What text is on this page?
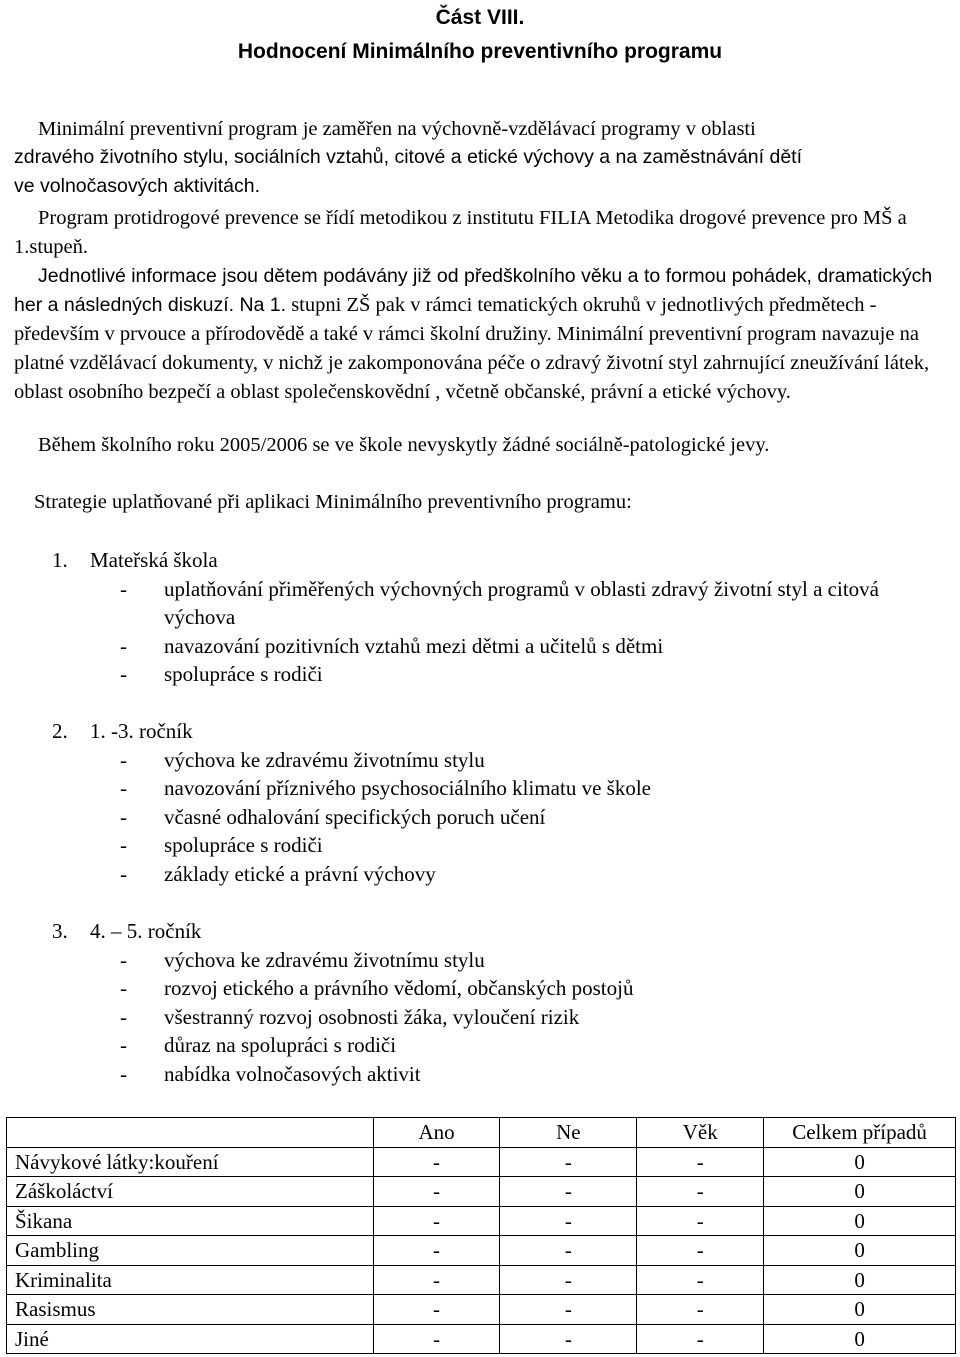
Část VIII.
Hodnocení Minimálního preventivního programu
Minimální preventivní program je zaměřen na výchovně-vzdělávací programy v oblasti
zdravého životního stylu, sociálních vztahů, citové a etické výchovy a na zaměstnávání dětí
ve volnočasových aktivitách.
Program protidrogové prevence se řídí metodikou z institutu FILIA Metodika drogové prevence pro MŠ a 1.stupeň.
Jednotlivé informace jsou dětem podávány již od předškolního věku a to formou pohádek, dramatických her a následných diskuzí. Na 1. stupni ZŠ pak v rámci tematických okruhů v jednotlivých předmětech - především v prvouce a přírodovědě a také v rámci školní družiny. Minimální preventivní program navazuje na platné vzdělávací dokumenty, v nichž je zakomponována péče o zdravý životní styl zahrnující zneužívání látek, oblast osobního bezpečí a oblast společenskovědní , včetně občanské, právní a etické výchovy.
Během školního roku 2005/2006 se ve škole nevyskytly žádné sociálně-patologické jevy.
Strategie uplatňované při aplikaci Minimálního preventivního programu:
1.	Mateřská škola
-	uplatňování přiměřených výchovných programů v oblasti zdravý životní styl a citová výchova
-	navazování pozitivních vztahů mezi dětmi a učitelů s dětmi
-	spolupráce s rodiči
2.	1. -3. ročník
-	výchova ke zdravému životnímu stylu
-	navozování příznivého psychosociálního klimatu ve škole
-	včasné odhalování specifických poruch učení
-	spolupráce s rodiči
-	základy etické a právní výchovy
3.	4. – 5. ročník
-	výchova ke zdravému životnímu stylu
-	rozvoj etického a právního vědomí, občanských postojů
-	všestranný rozvoj osobnosti žáka, vyloučení rizik
-	důraz na spolupráci s rodiči
-	nabídka volnočasových aktivit
	Ano	Ne	Věk	Celkem případů
Návykové látky:kouření	-	-	-	0
Záškoláctví	-	-	-	0
Šikana	-	-	-	0
Gambling	-	-	-	0
Kriminalita	-	-	-	0
Rasismus	-	-	-	0
Jiné	-	-	-	0
